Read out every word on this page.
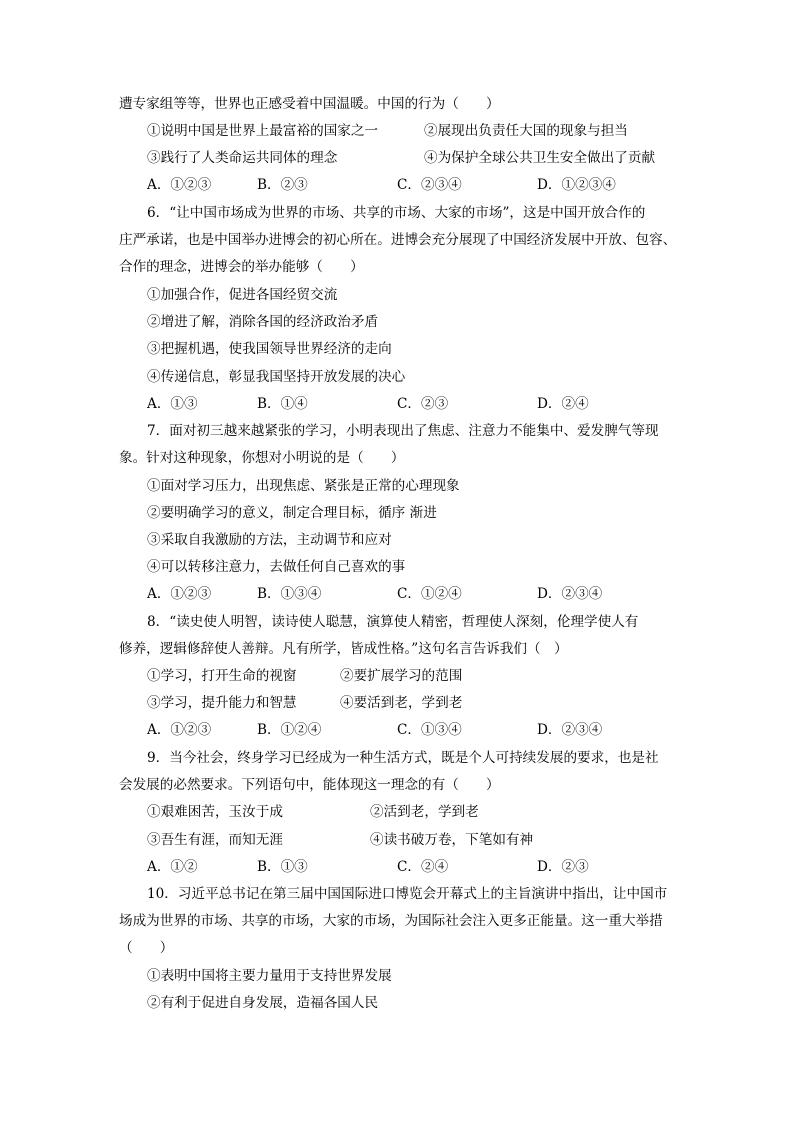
遭专家组等等，世界也正感受着中国温暖。中国的行为（　　）
①说明中国是世界上最富裕的国家之一	②展现出负责任大国的现象与担当
③践行了人类命运共同体的理念	④为保护全球公共卫生安全做出了贡献
A．①②③	B．②③	C．②③④	D．①②③④
6．“让中国市场成为世界的市场、共享的市场、大家的市场”，这是中国开放合作的
庄严承诺，也是中国举办进博会的初心所在。进博会充分展现了中国经济发展中开放、包容、
合作的理念，进博会的举办能够（　　）
①加强合作，促进各国经贸交流
②增进了解，消除各国的经济政治矛盾
③把握机遇，使我国领导世界经济的走向
④传递信息，彰显我国坚持开放发展的决心
A．①③	B．①④	C．②③	D．②④
7．面对初三越来越紧张的学习，小明表现出了焦虑、注意力不能集中、爱发脾气等现
象。针对这种现象，你想对小明说的是（　　）
①面对学习压力，出现焦虑、紧张是正常的心理现象
②要明确学习的意义，制定合理目标，循序 渐进
③采取自我激励的方法，主动调节和应对
④可以转移注意力，去做任何自己喜欢的事
A．①②③	B．①③④	C．①②④	D．②③④
8．“读史使人明智，读诗使人聪慧，演算使人精密，哲理使人深刻，伦理学使人有
修养，逻辑修辞使人善辩。凡有所学，皆成性格。”这句名言告诉我们（　）
①学习，打开生命的视窗	②要扩展学习的范围
③学习，提升能力和智慧	④要活到老，学到老
A．①②③	B．①②④	C．①③④	D．②③④
9．当今社会，终身学习已经成为一种生活方式，既是个人可持续发展的要求，也是社
会发展的必然要求。下列语句中，能体现这一理念的有（　　）
①艰难困苦，玉汝于成	②活到老，学到老
③吾生有涯，而知无涯	④读书破万卷，下笔如有神
A．①②	B．①③	C．②④	D．②③
10．习近平总书记在第三届中国国际进口博览会开幕式上的主旨演讲中指出，让中国市
场成为世界的市场、共享的市场，大家的市场，为国际社会注入更多正能量。这一重大举措
（　　）
①表明中国将主要力量用于支持世界发展
②有利于促进自身发展，造福各国人民
